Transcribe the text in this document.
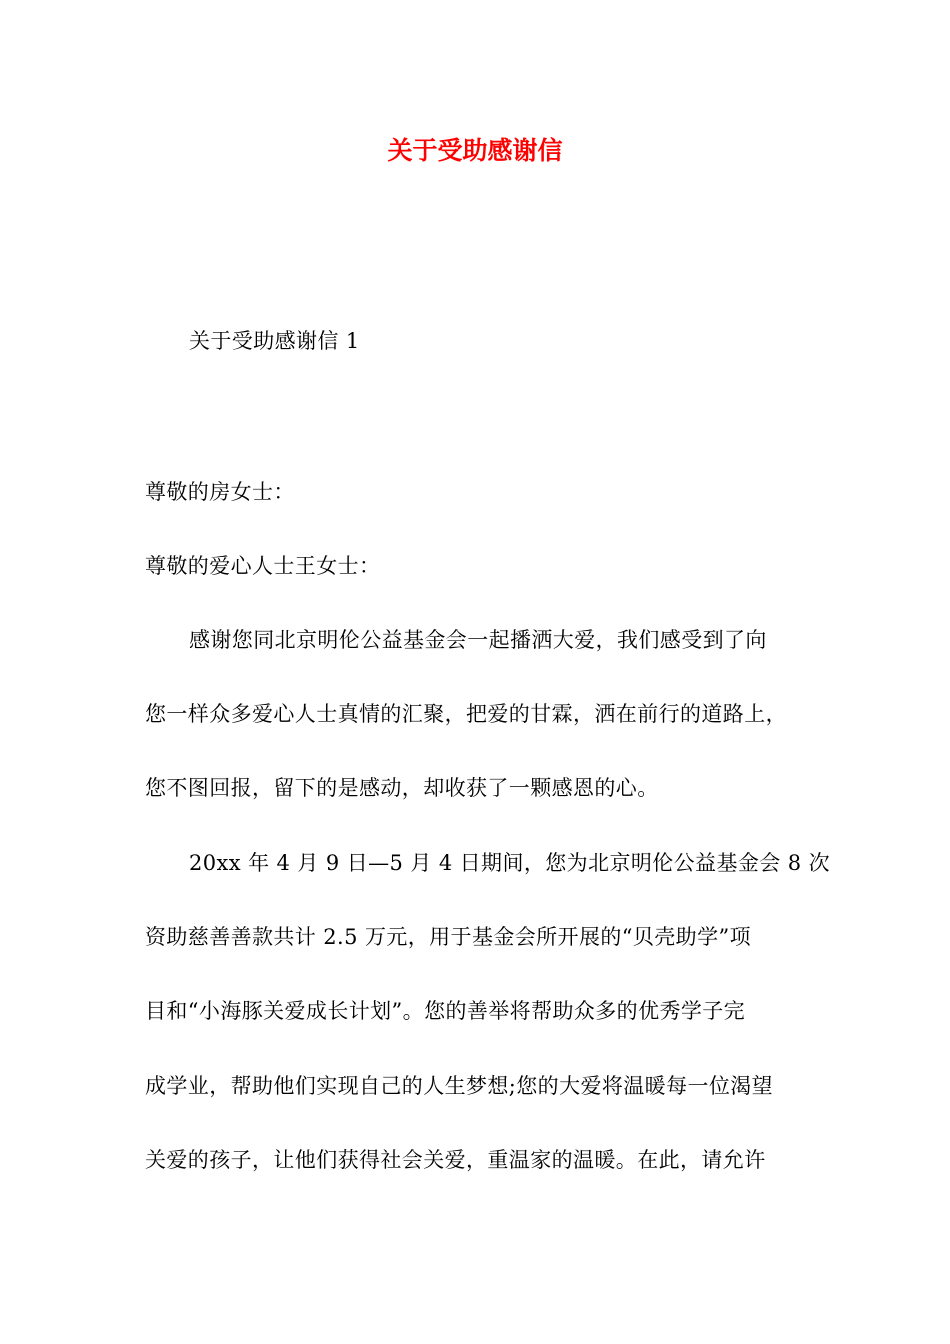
关于受助感谢信
关于受助感谢信 1
尊敬的房女士：
尊敬的爱心人士王女士：
感谢您同北京明伦公益基金会一起播洒大爱，我们感受到了向
您一样众多爱心人士真情的汇聚，把爱的甘霖，洒在前行的道路上，
您不图回报，留下的是感动，却收获了一颗感恩的心。
20xx 年 4 月 9 日—5 月 4 日期间，您为北京明伦公益基金会 8 次
资助慈善善款共计 2.5 万元，用于基金会所开展的“贝壳助学”项
目和“小海豚关爱成长计划”。您的善举将帮助众多的优秀学子完
成学业，帮助他们实现自己的人生梦想;您的大爱将温暖每一位渴望
关爱的孩子，让他们获得社会关爱，重温家的温暖。在此，请允许
